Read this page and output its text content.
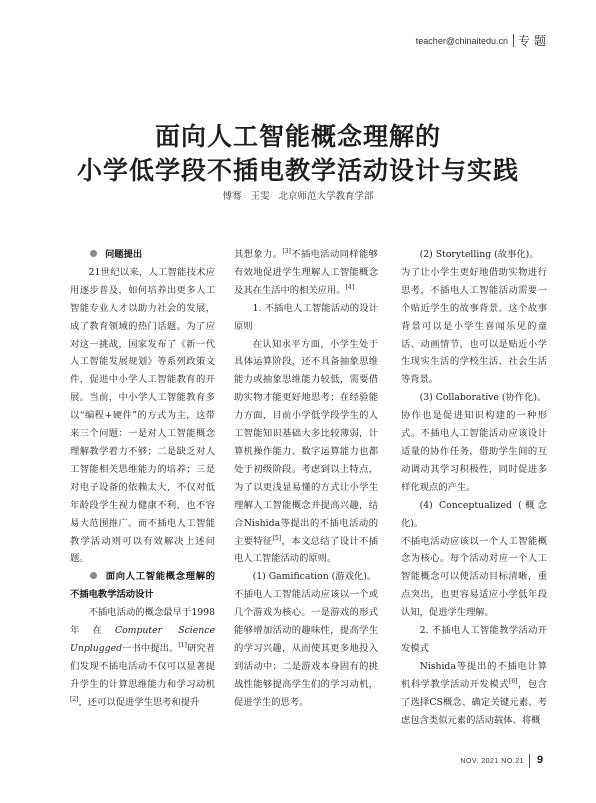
teacher@chinaitedu.cn 专题
面向人工智能概念理解的
小学低学段不插电教学活动设计与实践
傅骞 王雯 北京师范大学教育学部
问题提出

21世纪以来，人工智能技术应用逐步普及，如何培养出更多人工智能专业人才以助力社会的发展，成了教育领域的热门话题。为了应对这一挑战，国家发布了《新一代人工智能发展规划》等系列政策文件，促进中小学人工智能教育的开展。当前，中小学人工智能教育多以“编程+硬件”的方式为主，这带来三个问题：一是对人工智能概念理解教学着力不够；二是缺乏对人工智能相关思维能力的培养；三是对电子设备的依赖太大，不仅对低年龄段学生视力健康不利，也不容易大范围推广。而不插电人工智能教学活动则可以有效解决上述问题。

面向人工智能概念理解的不插电教学活动设计

不插电活动的概念最早于1998年在Computer Science Unplugged一书中提出。[1]研究者们发现不插电活动不仅可以显著提升学生的计算思维能力和学习动机[2]，还可以促进学生思考和提升

其想象力。[3]不插电活动同样能够有效地促进学生理解人工智能概念及其在生活中的相关应用。[4]

1. 不插电人工智能活动的设计原则

在认知水平方面，小学生处于具体运算阶段，还不具备抽象思维能力或抽象思维能力较低，需要借助实物才能更好地思考；在经验能力方面，目前小学低学段学生的人工智能知识基础大多比较薄弱，计算机操作能力、数字运算能力也都处于初级阶段。考虑到以上特点，为了以更浅显易懂的方式让小学生理解人工智能概念并提高兴趣，结合Nishida等提出的不插电活动的主要特征[5]，本文总结了设计不插电人工智能活动的原则。

(1) Gamification (游戏化)。

不插电人工智能活动应该以一个或几个游戏为核心。一是游戏的形式能够增加活动的趣味性，提高学生的学习兴趣，从而使其更多地投入到活动中；二是游戏本身固有的挑战性能够提高学生们的学习动机，促进学生的思考。

(2) Storytelling (故事化)。

为了让小学生更好地借助实物进行思考，不插电人工智能活动需要一个贴近学生的故事背景。这个故事背景可以是小学生喜闻乐见的童话、动画情节，也可以是贴近小学生现实生活的学校生活、社会生活等背景。

(3) Collaborative (协作化)。

协作也是促进知识构建的一种形式。不插电人工智能活动应该设计适量的协作任务，借助学生间的互动调动其学习积极性，同时促进多样化观点的产生。

(4) Conceptualized (概念化)。

不插电活动应该以一个人工智能概念为核心。每个活动对应一个人工智能概念可以使活动目标清晰，重点突出，也更容易适应小学低年段认知，促进学生理解。

2. 不插电人工智能教学活动开发模式

Nishida等提出的不插电计算机科学教学活动开发模式[6]，包含了选择CS概念、确定关键元素、考虑包含类似元素的活动载体、将概

NOV. 2021 NO.21 9
